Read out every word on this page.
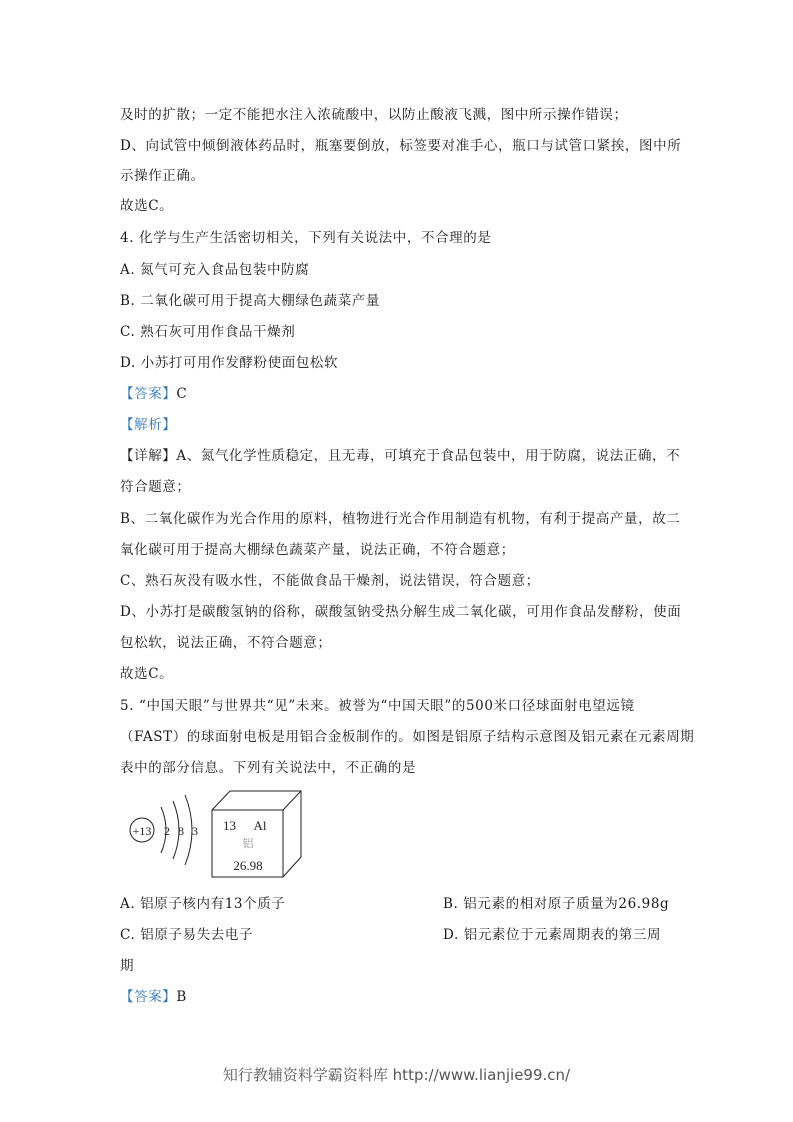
及时的扩散；一定不能把水注入浓硫酸中，以防止酸液飞溅，图中所示操作错误；
D、向试管中倾倒液体药品时，瓶塞要倒放，标签要对准手心，瓶口与试管口紧挨，图中所
示操作正确。
故选C。
4. 化学与生产生活密切相关，下列有关说法中，不合理的是
A. 氮气可充入食品包装中防腐
B. 二氧化碳可用于提高大棚绿色蔬菜产量
C. 熟石灰可用作食品干燥剂
D. 小苏打可用作发酵粉使面包松软
【答案】C
【解析】
【详解】A、氮气化学性质稳定，且无毒，可填充于食品包装中，用于防腐，说法正确，不
符合题意；
B、二氧化碳作为光合作用的原料，植物进行光合作用制造有机物，有利于提高产量，故二
氧化碳可用于提高大棚绿色蔬菜产量，说法正确，不符合题意；
C、熟石灰没有吸水性，不能做食品干燥剂，说法错误，符合题意；
D、小苏打是碳酸氢钠的俗称，碳酸氢钠受热分解生成二氧化碳，可用作食品发酵粉，使面
包松软，说法正确，不符合题意；
故选C。
5. “中国天眼”与世界共“见”未来。被誉为“中国天眼”的500米口径球面射电望远镜
（FAST）的球面射电板是用铝合金板制作的。如图是铝原子结构示意图及铝元素在元素周期
表中的部分信息。下列有关说法中，不正确的是
+13 2 8 3 13 Al
铝
26.98
A. 铝原子核内有13个质子	B. 铝元素的相对原子质量为26.98g
C. 铝原子易失去电子	D. 铝元素位于元素周期表的第三周
期
【答案】B
知行教辅资料学霸资料库 http://www.lianjie99.cn/
